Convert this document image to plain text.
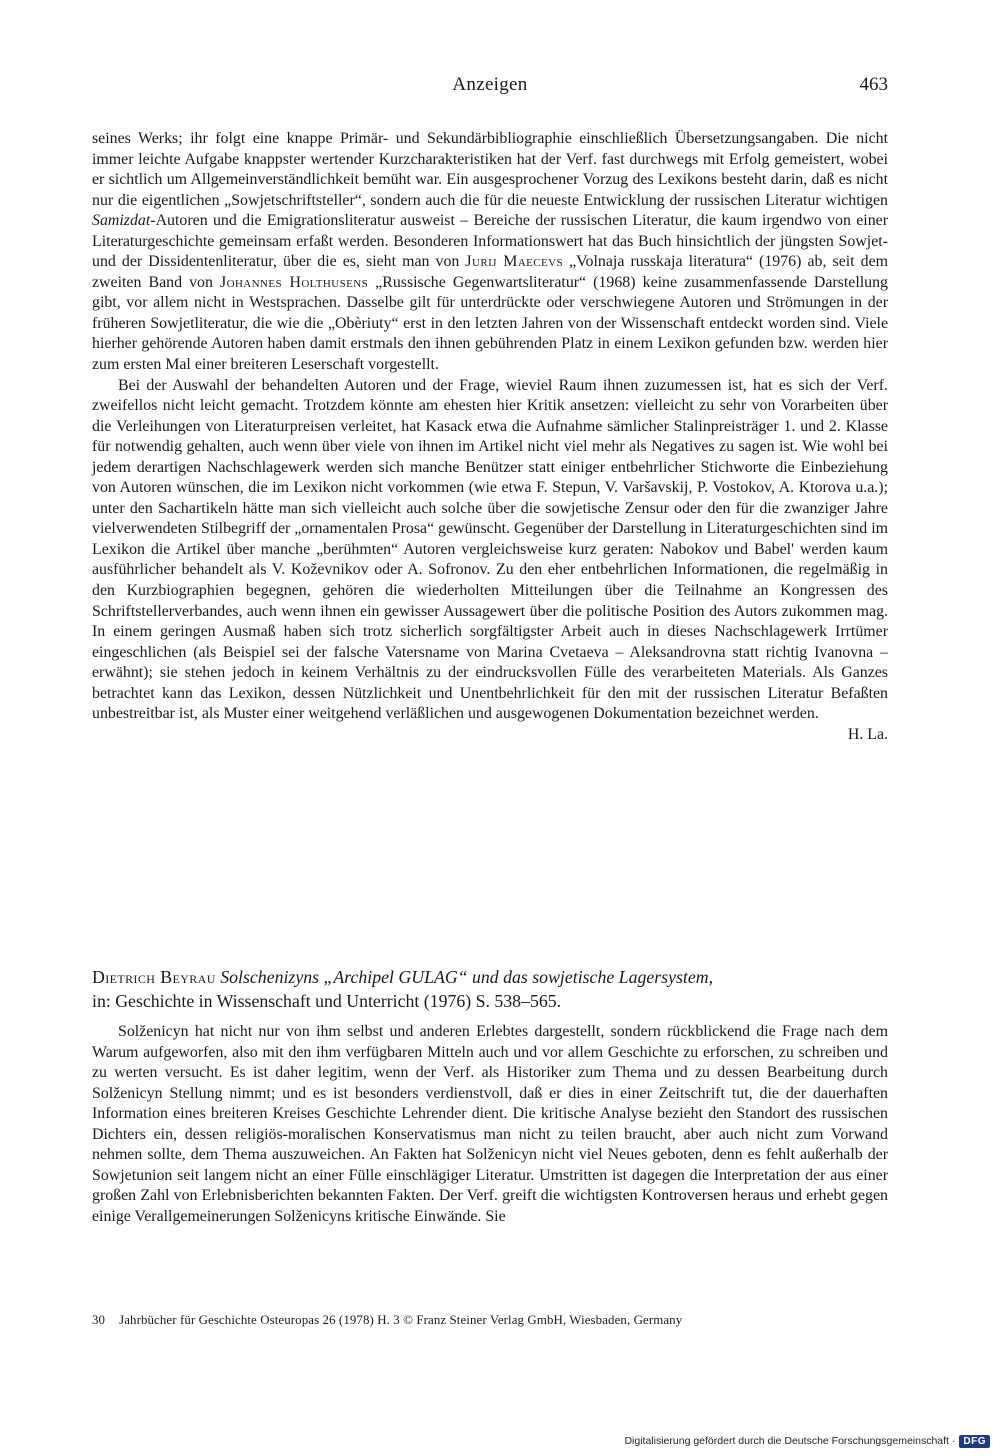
Anzeigen	463

seines Werks; ihr folgt eine knappe Primär- und Sekundärbibliographie einschließlich Übersetzungsangaben. Die nicht immer leichte Aufgabe knappster wertender Kurzcharakteristiken hat der Verf. fast durchwegs mit Erfolg gemeistert, wobei er sichtlich um Allgemeinverständlichkeit bemüht war. Ein ausgesprochener Vorzug des Lexikons besteht darin, daß es nicht nur die eigentlichen „Sowjetschriftsteller“, sondern auch die für die neueste Entwicklung der russischen Literatur wichtigen Samizdat-Autoren und die Emigrationsliteratur ausweist – Bereiche der russischen Literatur, die kaum irgendwo von einer Literaturgeschichte gemeinsam erfaßt werden. Besonderen Informationswert hat das Buch hinsichtlich der jüngsten Sowjet- und der Dissidentenliteratur, über die es, sieht man von Jurij Maecevs „Volnaja russkaja literatura“ (1976) ab, seit dem zweiten Band von Johannes Holthusens „Russische Gegenwartsliteratur“ (1968) keine zusammenfassende Darstellung gibt, vor allem nicht in Westsprachen. Dasselbe gilt für unterdrückte oder verschwiegene Autoren und Strömungen in der früheren Sowjetliteratur, die wie die „Obèriuty“ erst in den letzten Jahren von der Wissenschaft entdeckt worden sind. Viele hierher gehörende Autoren haben damit erstmals den ihnen gebührenden Platz in einem Lexikon gefunden bzw. werden hier zum ersten Mal einer breiteren Leserschaft vorgestellt.

Bei der Auswahl der behandelten Autoren und der Frage, wieviel Raum ihnen zuzumessen ist, hat es sich der Verf. zweifellos nicht leicht gemacht. Trotzdem könnte am ehesten hier Kritik ansetzen: vielleicht zu sehr von Vorarbeiten über die Verleihungen von Literaturpreisen verleitet, hat Kasack etwa die Aufnahme sämlicher Stalinpreisträger 1. und 2. Klasse für notwendig gehalten, auch wenn über viele von ihnen im Artikel nicht viel mehr als Negatives zu sagen ist. Wie wohl bei jedem derartigen Nachschlagewerk werden sich manche Benützer statt einiger entbehrlicher Stichworte die Einbeziehung von Autoren wünschen, die im Lexikon nicht vorkommen (wie etwa F. Stepun, V. Varšavskij, P. Vostokov, A. Ktorova u.a.); unter den Sachartikeln hätte man sich vielleicht auch solche über die sowjetische Zensur oder den für die zwanziger Jahre vielverwendeten Stilbegriff der „ornamentalen Prosa“ gewünscht. Gegenüber der Darstellung in Literaturgeschichten sind im Lexikon die Artikel über manche „berühmten“ Autoren vergleichsweise kurz geraten: Nabokov und Babel' werden kaum ausführlicher behandelt als V. Koževnikov oder A. Sofronov. Zu den eher entbehrlichen Informationen, die regelmäßig in den Kurzbiographien begegnen, gehören die wiederholten Mitteilungen über die Teilnahme an Kongressen des Schriftstellerverbandes, auch wenn ihnen ein gewisser Aussagewert über die politische Position des Autors zukommen mag. In einem geringen Ausmaß haben sich trotz sicherlich sorgfältigster Arbeit auch in dieses Nachschlagewerk Irrtümer eingeschlichen (als Beispiel sei der falsche Vatersname von Marina Cvetaeva – Aleksandrovna statt richtig Ivanovna – erwähnt); sie stehen jedoch in keinem Verhältnis zu der eindrucksvollen Fülle des verarbeiteten Materials. Als Ganzes betrachtet kann das Lexikon, dessen Nützlichkeit und Unentbehrlichkeit für den mit der russischen Literatur Befaßten unbestreitbar ist, als Muster einer weitgehend verläßlichen und ausgewogenen Dokumentation bezeichnet werden.

H. La.

Dietrich Beyrau Solschenizyns „Archipel GULAG“ und das sowjetische Lagersystem,
in: Geschichte in Wissenschaft und Unterricht (1976) S. 538–565.

Solženicyn hat nicht nur von ihm selbst und anderen Erlebtes dargestellt, sondern rückblickend die Frage nach dem Warum aufgeworfen, also mit den ihm verfügbaren Mitteln auch und vor allem Geschichte zu erforschen, zu schreiben und zu werten versucht. Es ist daher legitim, wenn der Verf. als Historiker zum Thema und zu dessen Bearbeitung durch Solženicyn Stellung nimmt; und es ist besonders verdienstvoll, daß er dies in einer Zeitschrift tut, die der dauerhaften Information eines breiteren Kreises Geschichte Lehrender dient. Die kritische Analyse bezieht den Standort des russischen Dichters ein, dessen religiös-moralischen Konservatismus man nicht zu teilen braucht, aber auch nicht zum Vorwand nehmen sollte, dem Thema auszuweichen. An Fakten hat Solženicyn nicht viel Neues geboten, denn es fehlt außerhalb der Sowjetunion seit langem nicht an einer Fülle einschlägiger Literatur. Umstritten ist dagegen die Interpretation der aus einer großen Zahl von Erlebnisberichten bekannten Fakten. Der Verf. greift die wichtigsten Kontroversen heraus und erhebt gegen einige Verallgemeinerungen Solženicyns kritische Einwände. Sie

30 Jahrbücher für Geschichte Osteuropas 26 (1978) H. 3 © Franz Steiner Verlag GmbH, Wiesbaden, Germany
Digitalisierung gefördert durch die Deutsche Forschungsgemeinschaft · DFG
